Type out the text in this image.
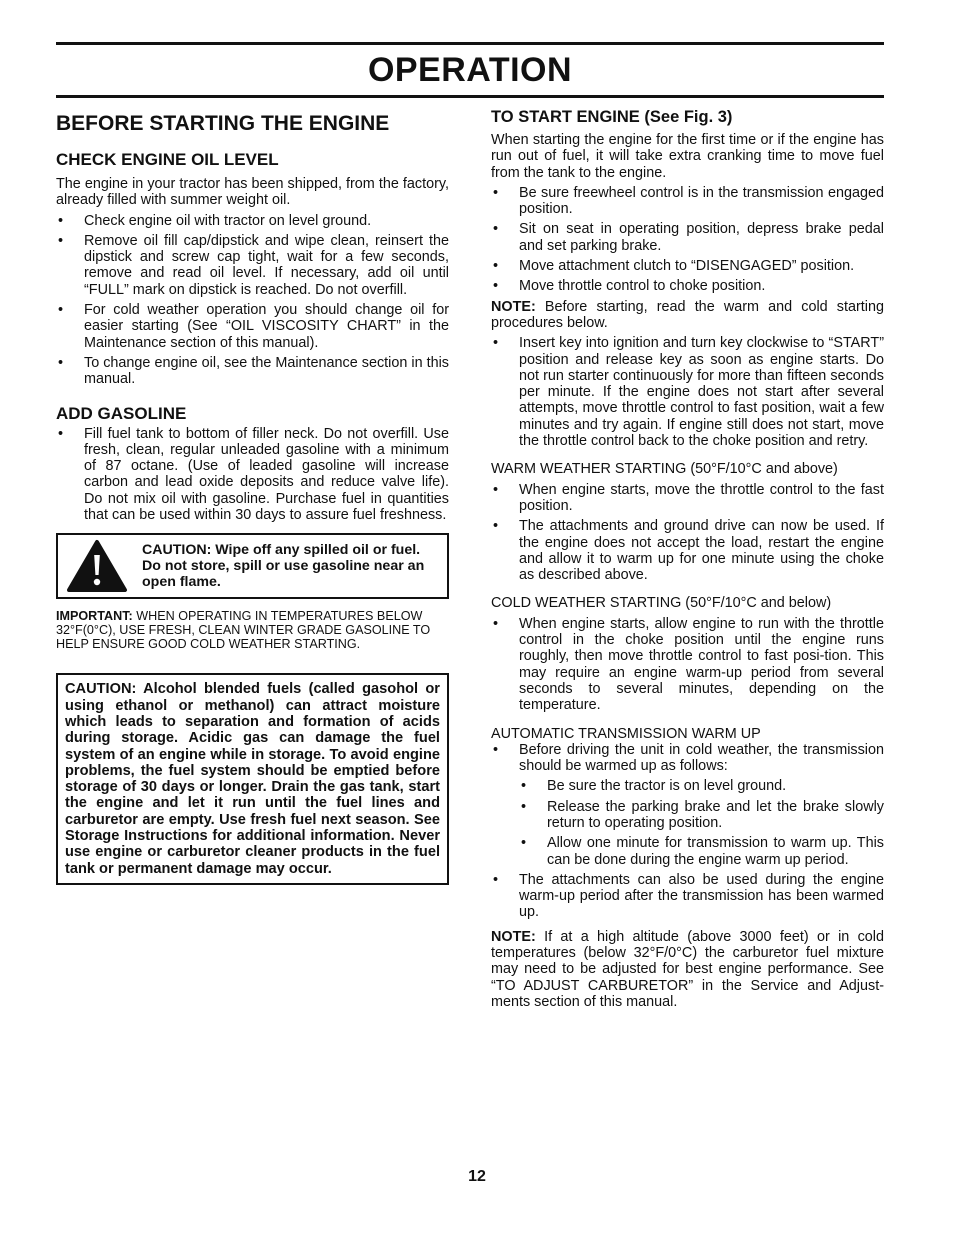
OPERATION
BEFORE STARTING THE ENGINE
CHECK ENGINE OIL LEVEL

The engine in your tractor has been shipped, from the factory, already filled with summer weight oil.

• Check engine oil with tractor on level ground.
• Remove oil fill cap/dipstick and wipe clean, reinsert the dipstick and screw cap tight, wait for a few seconds, remove and read oil level. If necessary, add oil until “FULL” mark on dipstick is reached. Do not overfill.
• For cold weather operation you should change oil for easier starting (See “OIL VISCOSITY CHART” in the Maintenance section of this manual).
• To change engine oil, see the Maintenance section in this manual.
ADD GASOLINE
• Fill fuel tank to bottom of filler neck. Do not overfill. Use fresh, clean, regular unleaded gasoline with a minimum of 87 octane. (Use of leaded gasoline will increase carbon and lead oxide deposits and reduce valve life). Do not mix oil with gasoline. Purchase fuel in quantities that can be used within 30 days to assure fuel freshness.
CAUTION: Wipe off any spilled oil or fuel. Do not store, spill or use gasoline near an open flame.
IMPORTANT: WHEN OPERATING IN TEMPERATURES BELOW 32°F(0°C), USE FRESH, CLEAN WINTER GRADE GASOLINE TO HELP ENSURE GOOD COLD WEATHER STARTING.
CAUTION: Alcohol blended fuels (called gasohol or using ethanol or methanol) can attract moisture which leads to separation and formation of acids during storage. Acidic gas can damage the fuel system of an engine while in storage. To avoid engine problems, the fuel system should be emptied before storage of 30 days or longer. Drain the gas tank, start the engine and let it run until the fuel lines and carburetor are empty. Use fresh fuel next season. See Storage Instructions for additional information. Never use engine or carburetor cleaner products in the fuel tank or permanent damage may occur.
TO START ENGINE (See Fig. 3)

When starting the engine for the first time or if the engine has run out of fuel, it will take extra cranking time to move fuel from the tank to the engine.

• Be sure freewheel control is in the transmission engaged position.
• Sit on seat in operating position, depress brake pedal and set parking brake.
• Move attachment clutch to “DISENGAGED” position.
• Move throttle control to choke position.

NOTE: Before starting, read the warm and cold starting procedures below.

• Insert key into ignition and turn key clockwise to “START” position and release key as soon as engine starts. Do not run starter continuously for more than fifteen seconds per minute. If the engine does not start after several attempts, move throttle control to fast position, wait a few minutes and try again. If engine still does not start, move the throttle control back to the choke position and retry.

WARM WEATHER STARTING (50°F/10°C and above)

• When engine starts, move the throttle control to the fast position.
• The attachments and ground drive can now be used. If the engine does not accept the load, restart the engine and allow it to warm up for one minute using the choke as described above.

COLD WEATHER STARTING (50°F/10°C and below)

• When engine starts, allow engine to run with the throttle control in the choke position until the engine runs roughly, then move throttle control to fast posi-tion. This may require an engine warm-up period from several seconds to several minutes, depending on the temperature.

AUTOMATIC TRANSMISSION WARM UP

• Before driving the unit in cold weather, the transmission should be warmed up as follows:
• Be sure the tractor is on level ground.
• Release the parking brake and let the brake slowly return to operating position.
• Allow one minute for transmission to warm up. This can be done during the engine warm up period.
• The attachments can also be used during the engine warm-up period after the transmission has been warmed up.

NOTE: If at a high altitude (above 3000 feet) or in cold temperatures (below 32°F/0°C) the carburetor fuel mixture may need to be adjusted for best engine performance. See “TO ADJUST CARBURETOR” in the Service and Adjust-ments section of this manual.

12
